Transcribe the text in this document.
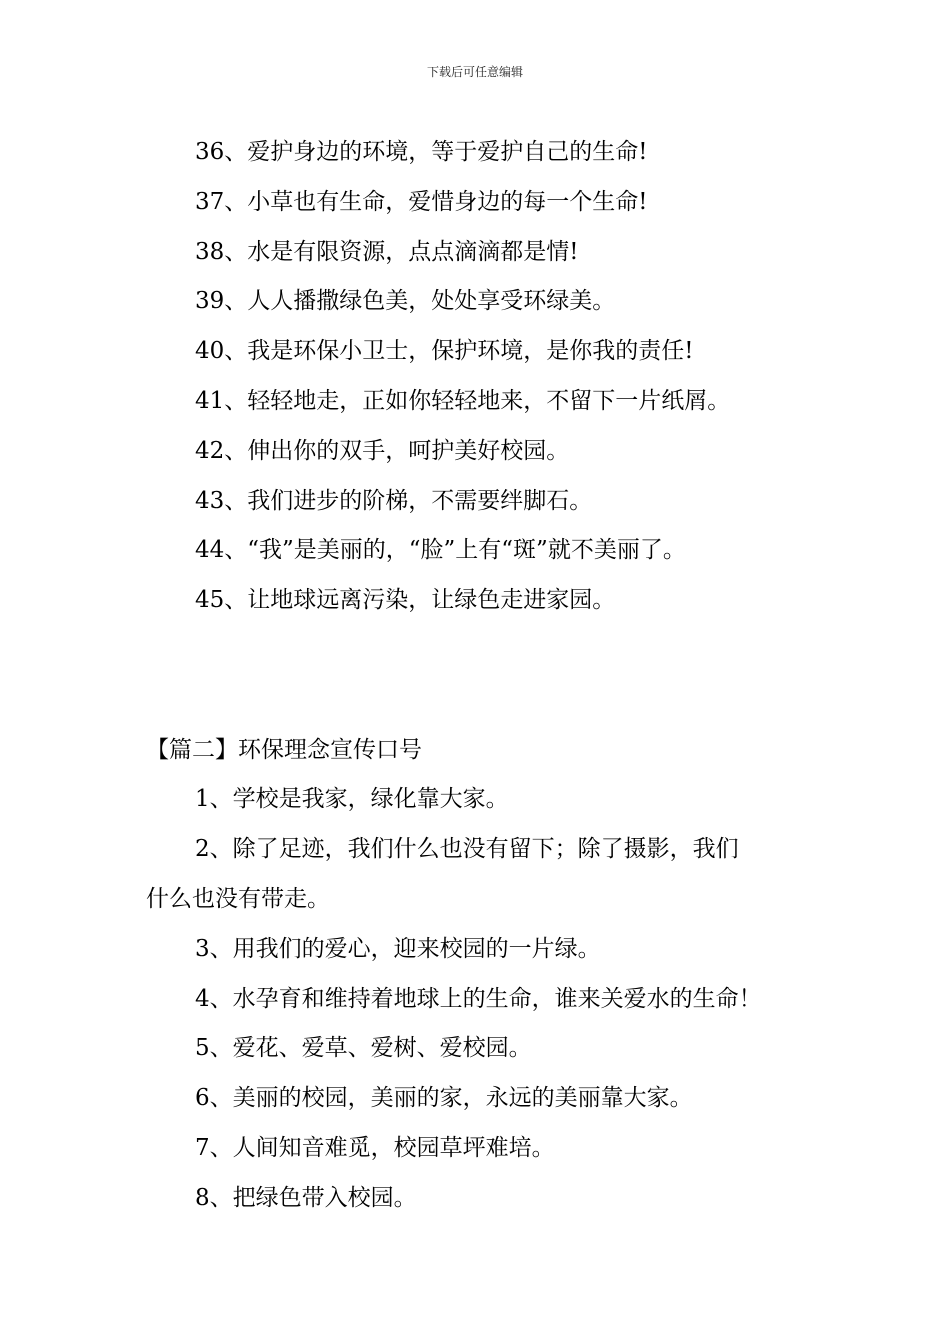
下载后可任意编辑
36、爱护身边的环境，等于爱护自己的生命!
37、小草也有生命，爱惜身边的每一个生命!
38、水是有限资源，点点滴滴都是情!
39、人人播撒绿色美，处处享受环绿美。
40、我是环保小卫士，保护环境，是你我的责任!
41、轻轻地走，正如你轻轻地来，不留下一片纸屑。
42、伸出你的双手，呵护美好校园。
43、我们进步的阶梯，不需要绊脚石。
44、“我”是美丽的，“脸”上有“斑”就不美丽了。
45、让地球远离污染，让绿色走进家园。
【篇二】环保理念宣传口号
1、学校是我家，绿化靠大家。
2、除了足迹，我们什么也没有留下；除了摄影，我们
什么也没有带走。
3、用我们的爱心，迎来校园的一片绿。
4、水孕育和维持着地球上的生命，谁来关爱水的生命！
5、爱花、爱草、爱树、爱校园。
6、美丽的校园，美丽的家，永远的美丽靠大家。
7、人间知音难觅，校园草坪难培。
8、把绿色带入校园。
